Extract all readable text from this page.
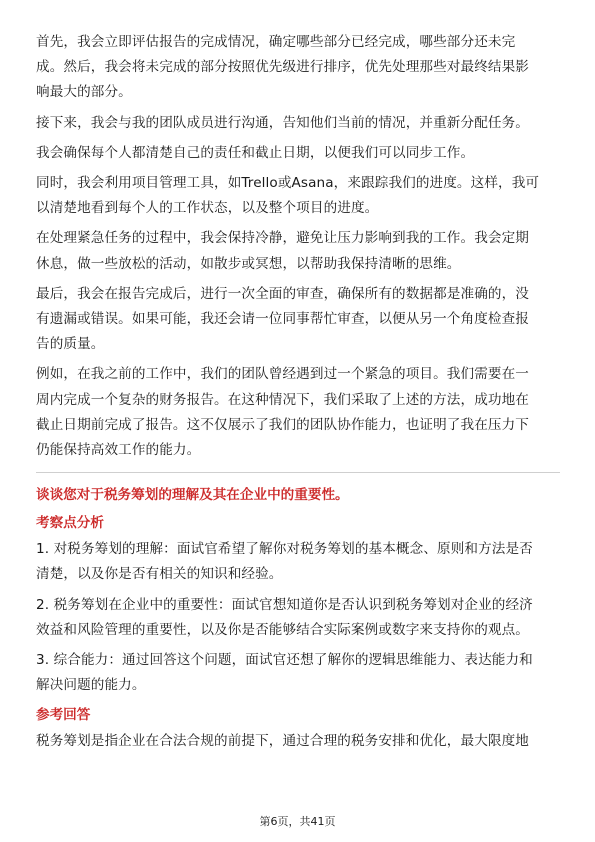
首先，我会立即评估报告的完成情况，确定哪些部分已经完成，哪些部分还未完
成。然后，我会将未完成的部分按照优先级进行排序，优先处理那些对最终结果影
响最大的部分。

接下来，我会与我的团队成员进行沟通，告知他们当前的情况，并重新分配任务。

我会确保每个人都清楚自己的责任和截止日期，以便我们可以同步工作。

同时，我会利用项目管理工具，如Trello或Asana，来跟踪我们的进度。这样，我可
以清楚地看到每个人的工作状态，以及整个项目的进度。

在处理紧急任务的过程中，我会保持冷静，避免让压力影响到我的工作。我会定期
休息，做一些放松的活动，如散步或冥想，以帮助我保持清晰的思维。

最后，我会在报告完成后，进行一次全面的审查，确保所有的数据都是准确的，没
有遗漏或错误。如果可能，我还会请一位同事帮忙审查，以便从另一个角度检查报
告的质量。

例如，在我之前的工作中，我们的团队曾经遇到过一个紧急的项目。我们需要在一
周内完成一个复杂的财务报告。在这种情况下，我们采取了上述的方法，成功地在
截止日期前完成了报告。这不仅展示了我们的团队协作能力，也证明了我在压力下
仍能保持高效工作的能力。

谈谈您对于税务筹划的理解及其在企业中的重要性。
考察点分析

1. 对税务筹划的理解：面试官希望了解你对税务筹划的基本概念、原则和方法是否
清楚，以及你是否有相关的知识和经验。

2. 税务筹划在企业中的重要性：面试官想知道你是否认识到税务筹划对企业的经济
效益和风险管理的重要性，以及你是否能够结合实际案例或数字来支持你的观点。

3. 综合能力：通过回答这个问题，面试官还想了解你的逻辑思维能力、表达能力和
解决问题的能力。

参考回答

税务筹划是指企业在合法合规的前提下，通过合理的税务安排和优化，最大限度地

第6页，共41页
